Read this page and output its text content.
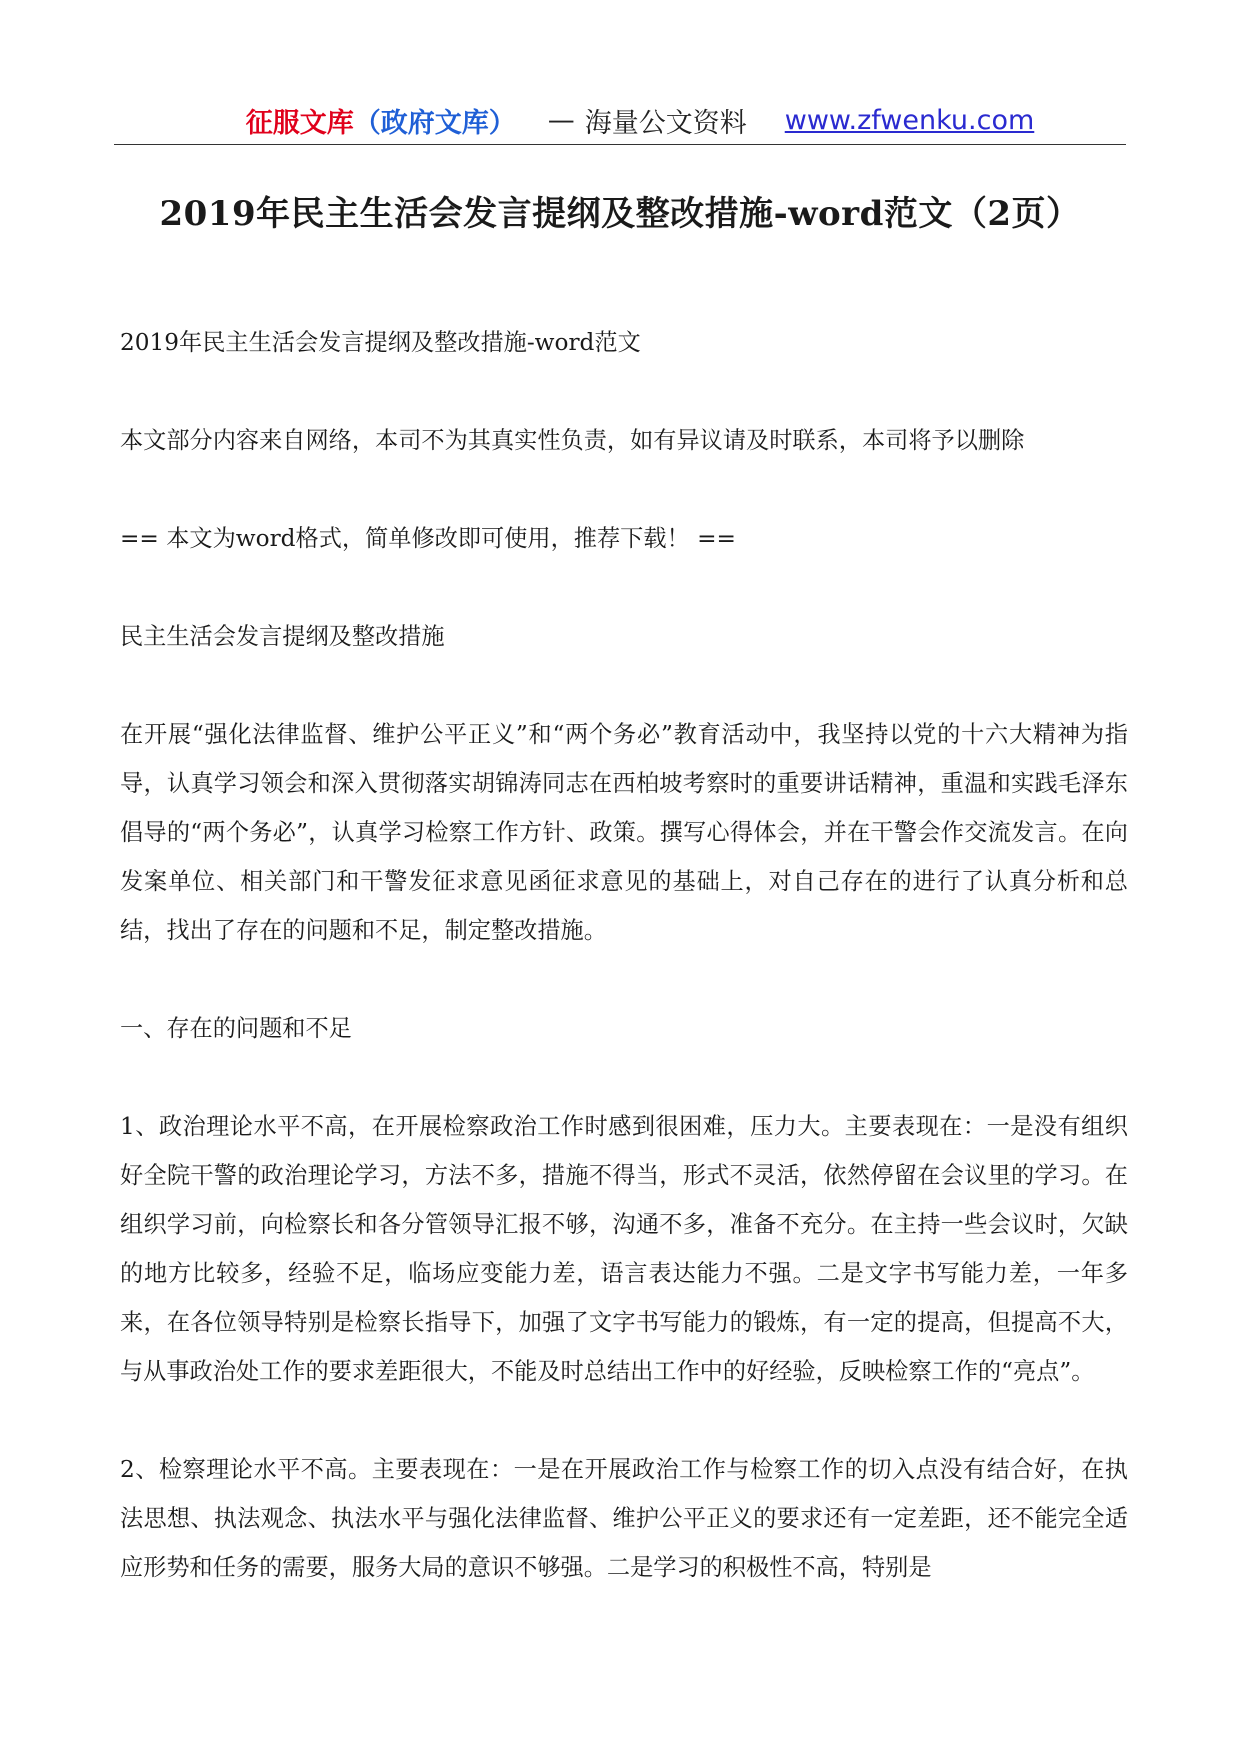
征服文库 （政府文库） — 海量公文资料 www.zfwenku.com
2019年民主生活会发言提纲及整改措施-word范文（2页）

2019年民主生活会发言提纲及整改措施-word范文

本文部分内容来自网络，本司不为其真实性负责，如有异议请及时联系，本司将予以删除

== 本文为word格式，简单修改即可使用，推荐下载！ ==

民主生活会发言提纲及整改措施

在开展“强化法律监督、维护公平正义”和“两个务必”教育活动中，我坚持以党的十六大精神为指导，认真学习领会和深入贯彻落实胡锦涛同志在西柏坡考察时的重要讲话精神，重温和实践毛泽东倡导的“两个务必”，认真学习检察工作方针、政策。撰写心得体会，并在干警会作交流发言。在向发案单位、相关部门和干警发征求意见函征求意见的基础上，对自己存在的进行了认真分析和总结，找出了存在的问题和不足，制定整改措施。

一、存在的问题和不足

1、政治理论水平不高，在开展检察政治工作时感到很困难，压力大。主要表现在：一是没有组织好全院干警的政治理论学习，方法不多，措施不得当，形式不灵活，依然停留在会议里的学习。在组织学习前，向检察长和各分管领导汇报不够，沟通不多，准备不充分。在主持一些会议时，欠缺的地方比较多，经验不足，临场应变能力差，语言表达能力不强。二是文字书写能力差，一年多来，在各位领导特别是检察长指导下，加强了文字书写能力的锻炼，有一定的提高，但提高不大，与从事政治处工作的要求差距很大，不能及时总结出工作中的好经验，反映检察工作的“亮点”。

2、检察理论水平不高。主要表现在：一是在开展政治工作与检察工作的切入点没有结合好，在执法思想、执法观念、执法水平与强化法律监督、维护公平正义的要求还有一定差距，还不能完全适应形势和任务的需要，服务大局的意识不够强。二是学习的积极性不高，特别是
